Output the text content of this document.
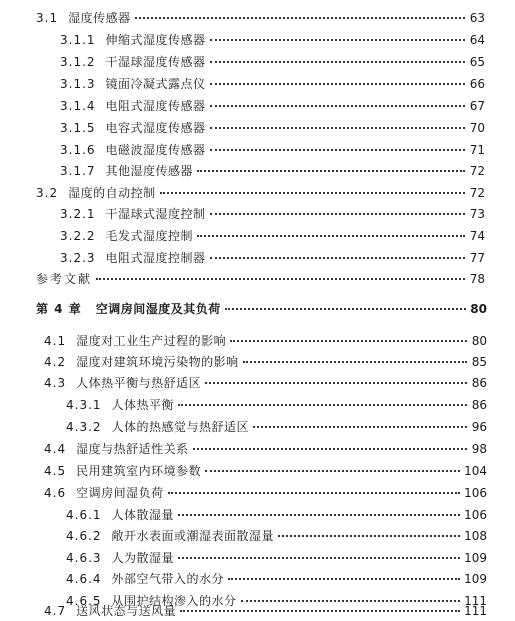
3.1 湿度传感器	63
3.1.1 伸缩式湿度传感器	64
3.1.2 干湿球湿度传感器	65
3.1.3 镜面冷凝式露点仪	66
3.1.4 电阻式湿度传感器	67
3.1.5 电容式湿度传感器	70
3.1.6 电磁波湿度传感器	71
3.1.7 其他湿度传感器	72
3.2 湿度的自动控制	72
3.2.1 干湿球式湿度控制	73
3.2.2 毛发式湿度控制	74
3.2.3 电阻式湿度控制器	77
参考文献	78
第 4 章 空调房间湿度及其负荷	80
4.1 湿度对工业生产过程的影响	80
4.2 湿度对建筑环境污染物的影响	85
4.3 人体热平衡与热舒适区	86
4.3.1 人体热平衡	86
4.3.2 人体的热感觉与热舒适区	96
4.4 湿度与热舒适性关系	98
4.5 民用建筑室内环境参数	104
4.6 空调房间湿负荷	106
4.6.1 人体散湿量	106
4.6.2 敞开水表面或潮湿表面散湿量	108
4.6.3 人为散湿量	109
4.6.4 外部空气带入的水分	109
4.6.5 从围护结构渗入的水分	111
4.7 送风状态与送风量	111
